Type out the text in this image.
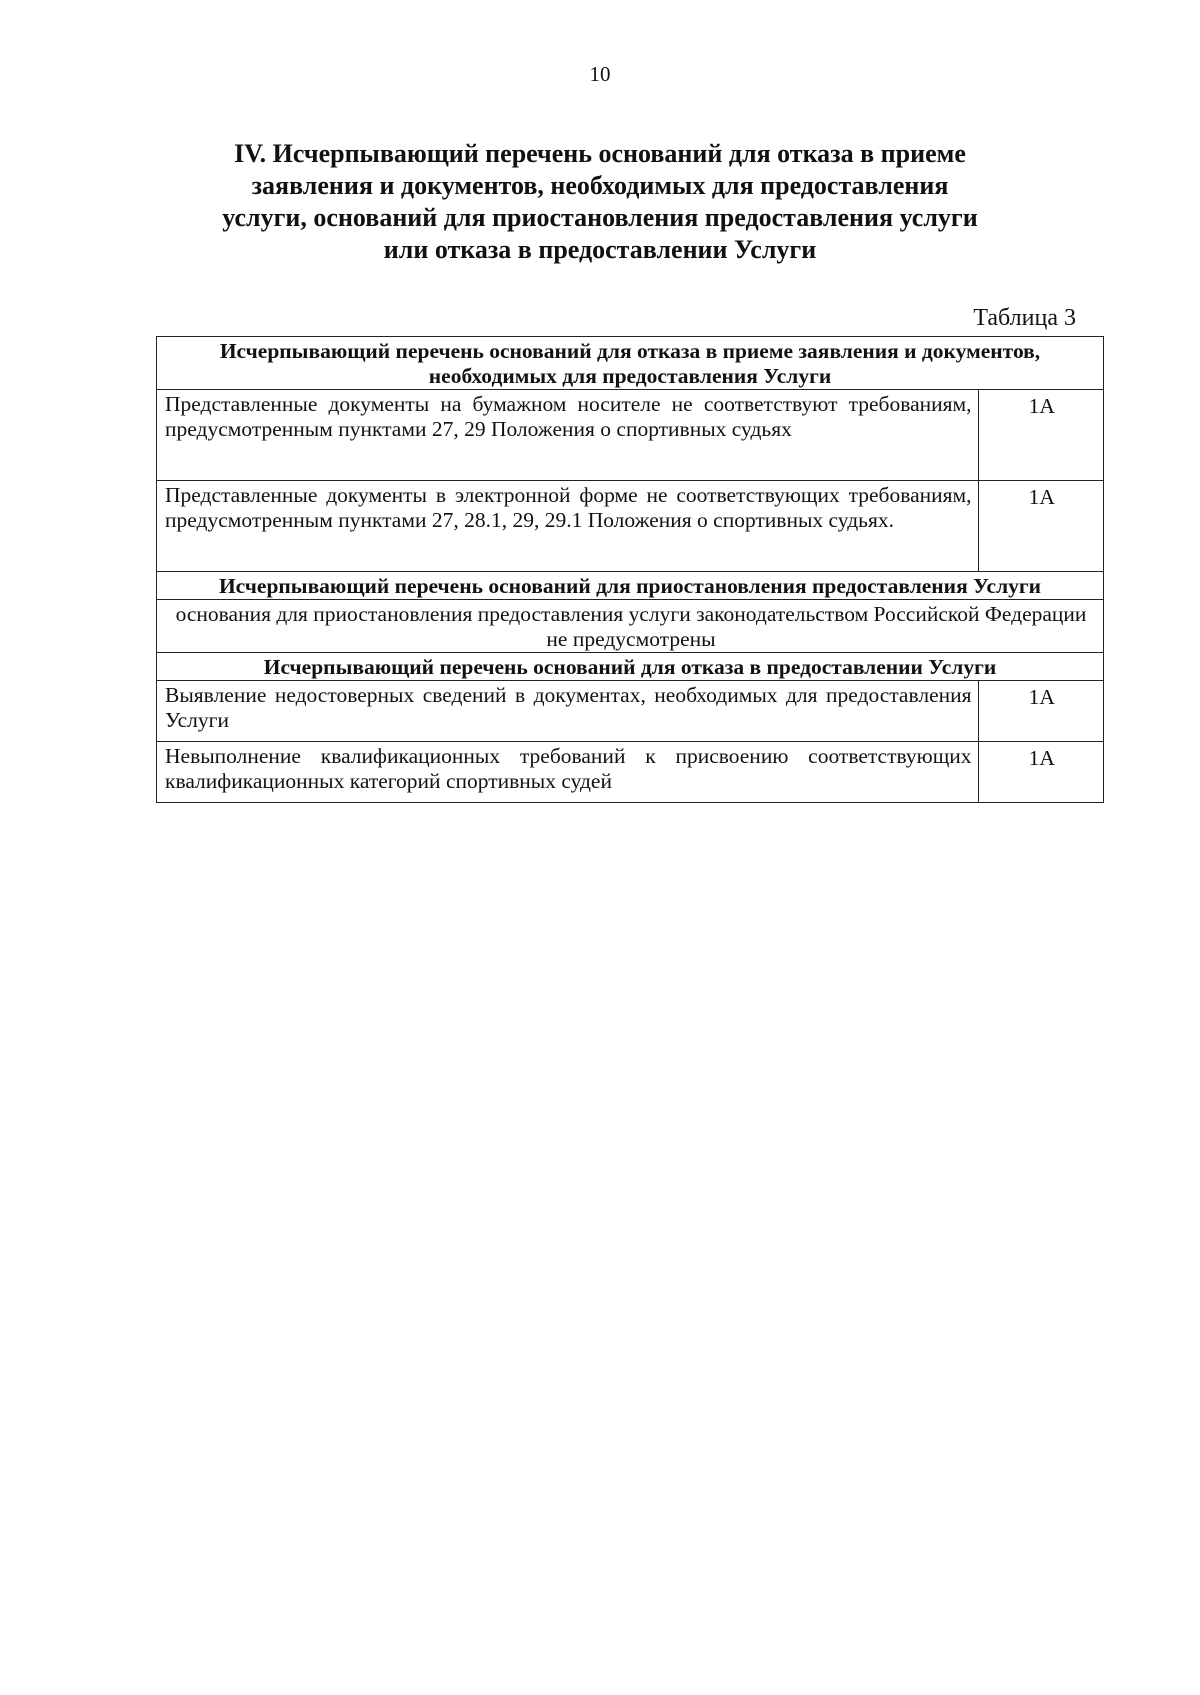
10
IV. Исчерпывающий перечень оснований для отказа в приеме
заявления и документов, необходимых для предоставления
услуги, оснований для приостановления предоставления услуги
или отказа в предоставлении Услуги
Таблица 3
Исчерпывающий перечень оснований для отказа в приеме заявления и документов, необходимых для предоставления Услуги	
Представленные документы на бумажном носителе не соответствуют требованиям, предусмотренным пунктами 27, 29 Положения о спортивных судьях	1А
Представленные документы в электронной форме не соответствующих требованиям, предусмотренным пунктами 27, 28.1, 29, 29.1 Положения о спортивных судьях.	1А
Исчерпывающий перечень оснований для приостановления предоставления Услуги	
основания для приостановления предоставления услуги законодательством Российской Федерации не предусмотрены	
Исчерпывающий перечень оснований для отказа в предоставлении Услуги	
Выявление недостоверных сведений в документах, необходимых для предоставления Услуги	1А
Невыполнение квалификационных требований к присвоению соответствующих квалификационных категорий спортивных судей	1А
